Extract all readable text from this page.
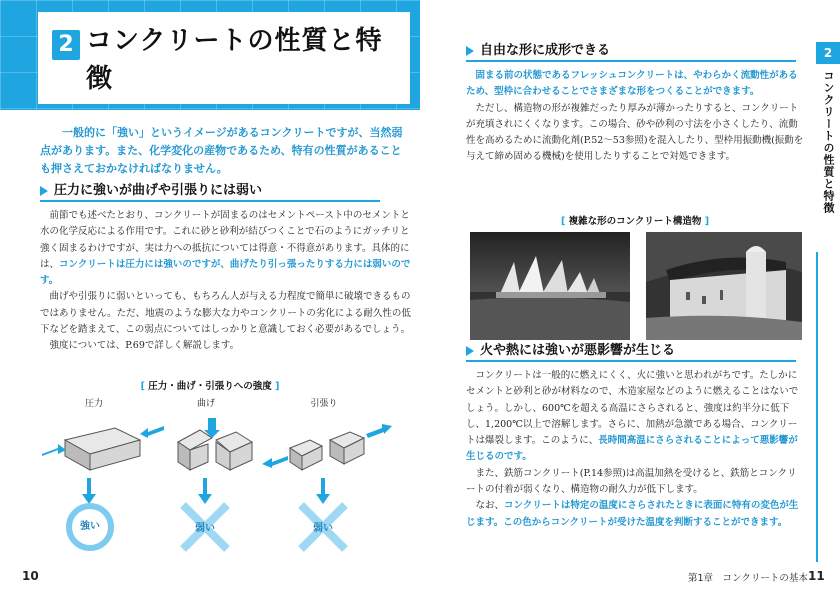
2 コンクリートの性質と特徴
一般的に「強い」というイメージがあるコンクリートですが、当然弱点があります。また、化学変化の産物であるため、特有の性質があることも押さえておかなければなりません。
圧力に強いが曲げや引張りには弱い

前節でも述べたとおり、コンクリートが固まるのはセメントペースト中のセメントと水の化学反応による作用です。これに砂と砂利が結びつくことで石のようにガッチリと強く固まるわけですが、実は力への抵抗については得意・不得意があります。具体的には、コンクリートは圧力には強いのですが、曲げたり引っ張ったりする力には弱いのです。

曲げや引張りに弱いといっても、もちろん人が与える力程度で簡単に破壊できるものではありません。ただ、地震のような膨大な力やコンクリートの劣化による耐久性の低下などを踏まえて、この弱点についてはしっかりと意識しておく必要があるでしょう。

強度については、P.69で詳しく解説します。

[ 圧力・曲げ・引張りへの強度 ]
圧力	曲げ	引張り
強い	弱い	弱い
10
自由な形に成形できる

固まる前の状態であるフレッシュコンクリートは、やわらかく流動性があるため、型枠に合わせることでさまざまな形をつくることができます。

ただし、構造物の形が複雑だったり厚みが薄かったりすると、コンクリートが充填されにくくなります。この場合、砂や砂利の寸法を小さくしたり、流動性を高めるために流動化剤(P.52〜53参照)を混入したり、型枠用振動機(振動を与えて締め固める機械)を使用したりすることで対処できます。

[ 複雑な形のコンクリート構造物 ]
火や熱には強いが悪影響が生じる

コンクリートは一般的に燃えにくく、火に強いと思われがちです。たしかにセメントと砂利と砂が材料なので、木造家屋などのように燃えることはないでしょう。しかし、600℃を超える高温にさらされると、強度は約半分に低下し、1,200℃以上で溶解します。さらに、加熱が急激である場合、コンクリートは爆裂します。このように、長時間高温にさらされることによって悪影響が生じるのです。

また、鉄筋コンクリート(P.14参照)は高温加熱を受けると、鉄筋とコンクリートの付着が弱くなり、構造物の耐久力が低下します。

なお、コンクリートは特定の温度にさらされたときに表面に特有の変色が生じます。この色からコンクリートが受けた温度を判断することができます。

2
コンクリートの性質と特徴
第1章　コンクリートの基本 11
